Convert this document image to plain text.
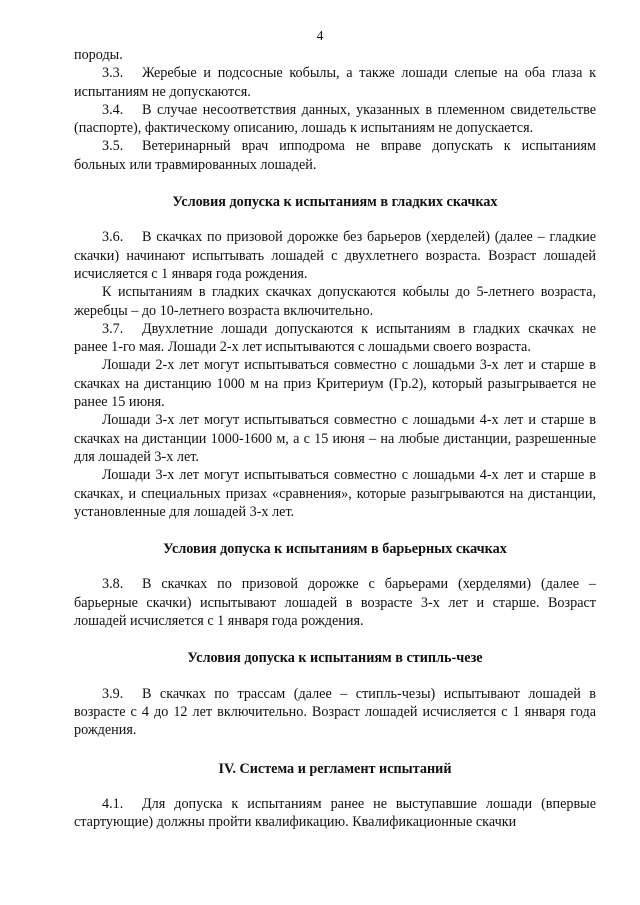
4

породы.

3.3. Жеребые и подсосные кобылы, а также лошади слепые на оба глаза к испытаниям не допускаются.

3.4. В случае несоответствия данных, указанных в племенном свидетельстве (паспорте), фактическому описанию, лошадь к испытаниям не допускается.

3.5. Ветеринарный врач ипподрома не вправе допускать к испытаниям больных или травмированных лошадей.

Условия допуска к испытаниям в гладких скачках

3.6. В скачках по призовой дорожке без барьеров (херделей) (далее – гладкие скачки) начинают испытывать лошадей с двухлетнего возраста. Возраст лошадей исчисляется с 1 января года рождения.

К испытаниям в гладких скачках допускаются кобылы до 5-летнего возраста, жеребцы – до 10-летнего возраста включительно.

3.7. Двухлетние лошади допускаются к испытаниям в гладких скачках не ранее 1-го мая. Лошади 2-х лет испытываются с лошадьми своего возраста.

Лошади 2-х лет могут испытываться совместно с лошадьми 3-х лет и старше в скачках на дистанцию 1000 м на приз Критериум (Гр.2), который разыгрывается не ранее 15 июня.

Лошади 3-х лет могут испытываться совместно с лошадьми 4-х лет и старше в скачках на дистанции 1000-1600 м, а с 15 июня – на любые дистанции, разрешенные для лошадей 3-х лет.

Лошади 3-х лет могут испытываться совместно с лошадьми 4-х лет и старше в скачках, и специальных призах «сравнения», которые разыгрываются на дистанции, установленные для лошадей 3-х лет.

Условия допуска к испытаниям в барьерных скачках

3.8. В скачках по призовой дорожке с барьерами (херделями) (далее – барьерные скачки) испытывают лошадей в возрасте 3-х лет и старше. Возраст лошадей исчисляется с 1 января года рождения.

Условия допуска к испытаниям в стипль-чезе

3.9. В скачках по трассам (далее – стипль-чезы) испытывают лошадей в возрасте с 4 до 12 лет включительно. Возраст лошадей исчисляется с 1 января года рождения.

IV. Система и регламент испытаний

4.1. Для допуска к испытаниям ранее не выступавшие лошади (впервые стартующие) должны пройти квалификацию. Квалификационные скачки
